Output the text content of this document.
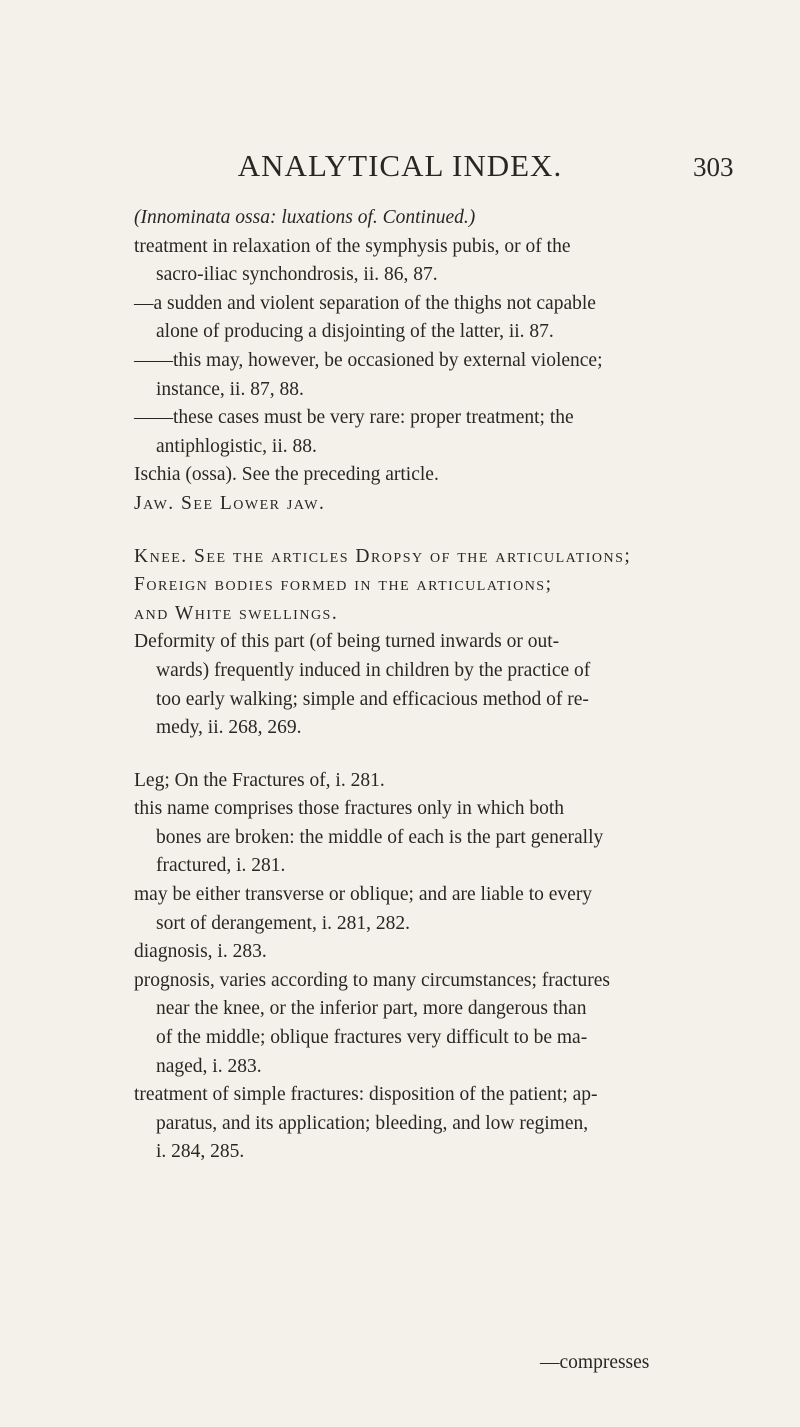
ANALYTICAL INDEX.	303

(Innominata ossa: luxations of. Continued.)

treatment in relaxation of the symphysis pubis, or of the

sacro-iliac synchondrosis, ii. 86, 87.

—a sudden and violent separation of the thighs not capable

alone of producing a disjointing of the latter, ii. 87.

——this may, however, be occasioned by external violence;

instance, ii. 87, 88.

——these cases must be very rare: proper treatment; the

antiphlogistic, ii. 88.

Ischia (ossa). See the preceding article.

Jaw. See Lower jaw.

Knee. See the articles Dropsy of the articulations;

Foreign bodies formed in the articulations;

and White swellings.

Deformity of this part (of being turned inwards or out-

wards) frequently induced in children by the practice of

too early walking; simple and efficacious method of re-

medy, ii. 268, 269.

Leg; On the Fractures of, i. 281.

this name comprises those fractures only in which both

bones are broken: the middle of each is the part generally

fractured, i. 281.

may be either transverse or oblique; and are liable to every

sort of derangement, i. 281, 282.

diagnosis, i. 283.

prognosis, varies according to many circumstances; fractures

near the knee, or the inferior part, more dangerous than

of the middle; oblique fractures very difficult to be ma-

naged, i. 283.

treatment of simple fractures: disposition of the patient; ap-

paratus, and its application; bleeding, and low regimen,

i. 284, 285.

—compresses
